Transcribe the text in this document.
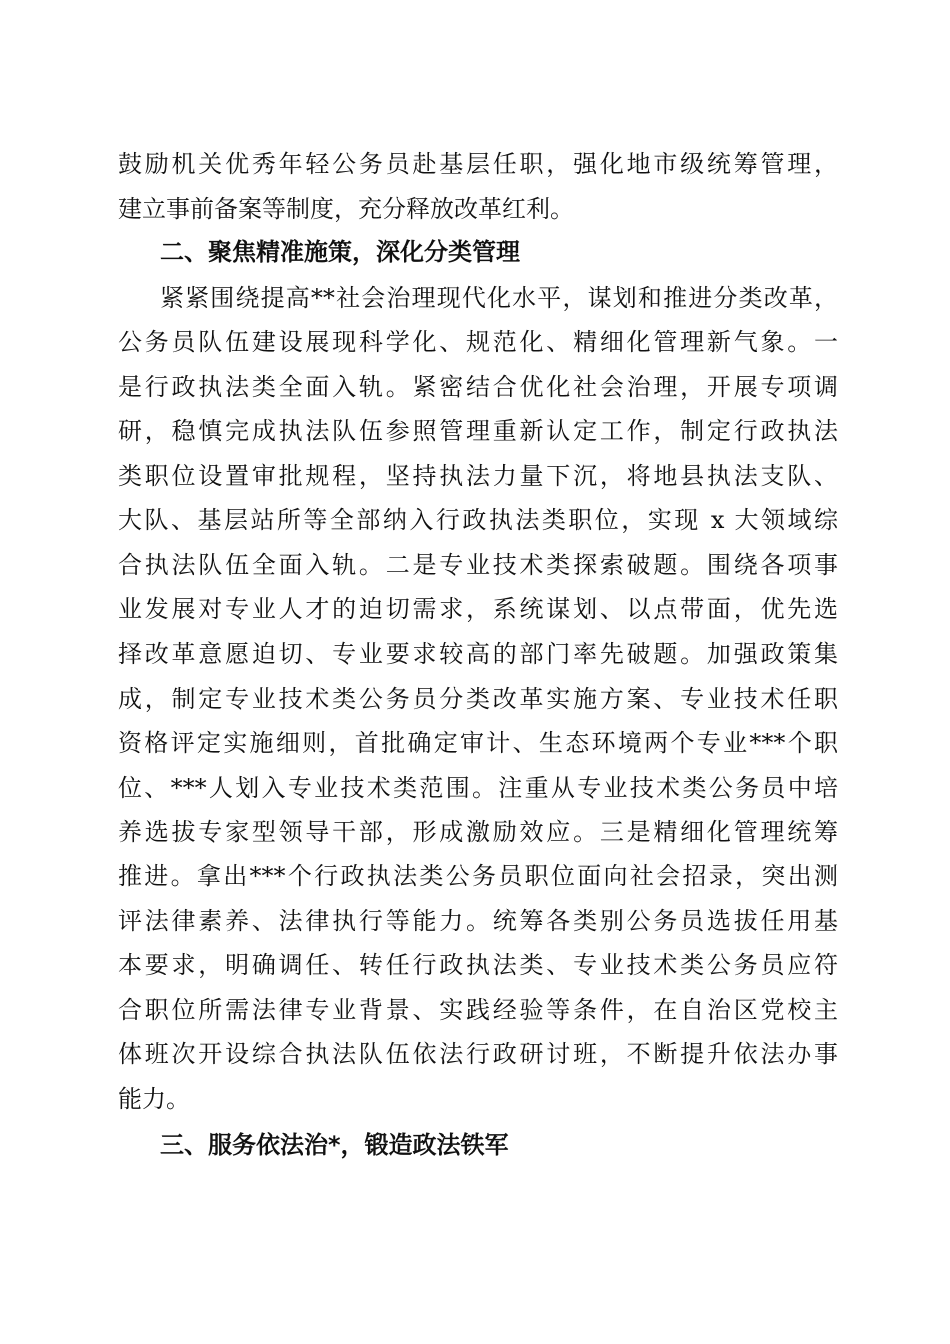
鼓励机关优秀年轻公务员赴基层任职，强化地市级统筹管理，
建立事前备案等制度，充分释放改革红利。
二、聚焦精准施策，深化分类管理
紧紧围绕提高**社会治理现代化水平，谋划和推进分类改革，
公务员队伍建设展现科学化、规范化、精细化管理新气象。一
是行政执法类全面入轨。紧密结合优化社会治理，开展专项调
研，稳慎完成执法队伍参照管理重新认定工作，制定行政执法
类职位设置审批规程，坚持执法力量下沉，将地县执法支队、
大队、基层站所等全部纳入行政执法类职位，实现 x 大领域综
合执法队伍全面入轨。二是专业技术类探索破题。围绕各项事
业发展对专业人才的迫切需求，系统谋划、以点带面，优先选
择改革意愿迫切、专业要求较高的部门率先破题。加强政策集
成，制定专业技术类公务员分类改革实施方案、专业技术任职
资格评定实施细则，首批确定审计、生态环境两个专业***个职
位、***人划入专业技术类范围。注重从专业技术类公务员中培
养选拔专家型领导干部，形成激励效应。三是精细化管理统筹
推进。拿出***个行政执法类公务员职位面向社会招录，突出测
评法律素养、法律执行等能力。统筹各类别公务员选拔任用基
本要求，明确调任、转任行政执法类、专业技术类公务员应符
合职位所需法律专业背景、实践经验等条件，在自治区党校主
体班次开设综合执法队伍依法行政研讨班，不断提升依法办事
能力。
三、服务依法治*，锻造政法铁军
